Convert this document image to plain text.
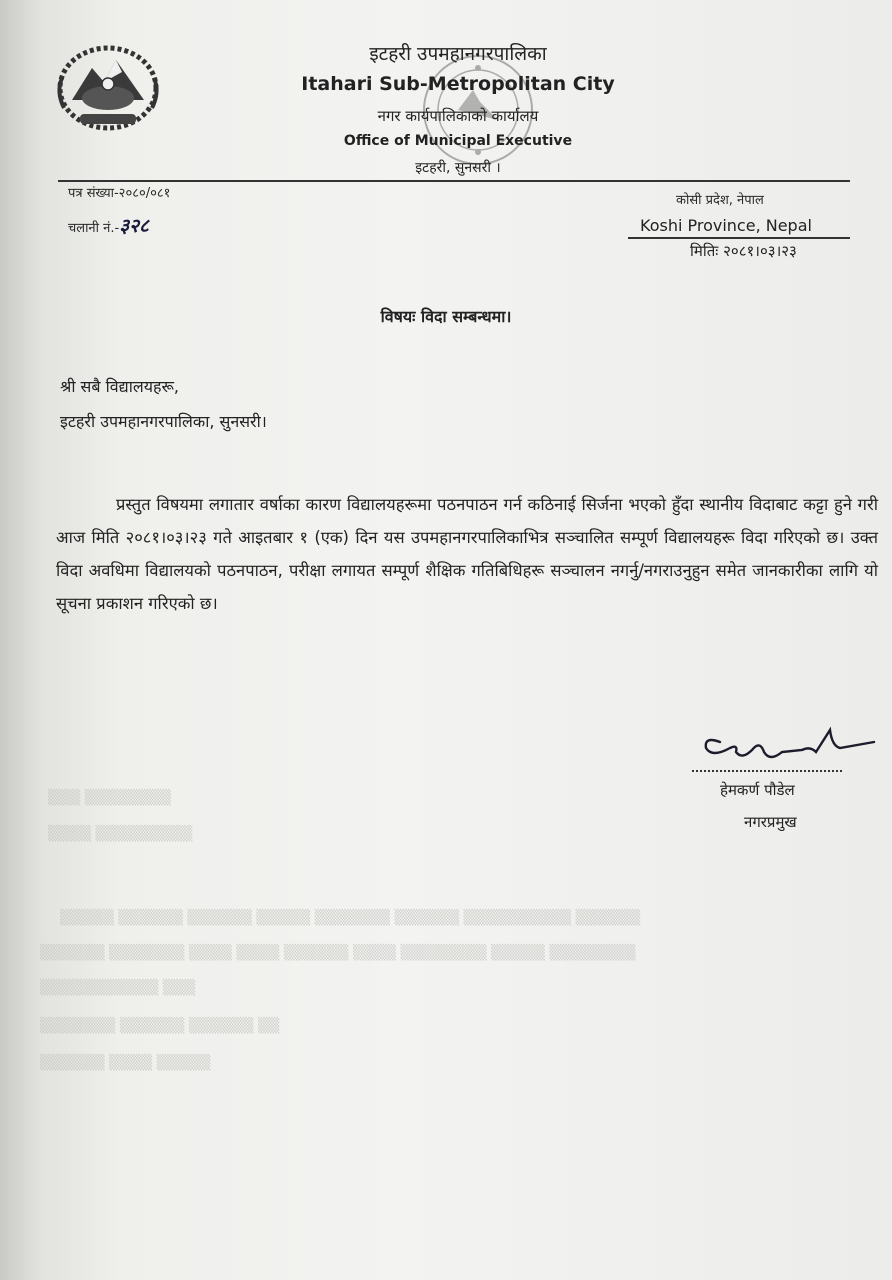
▒▒▒ ▒▒▒▒▒▒▒▒
▒▒▒▒ ▒▒▒▒▒▒▒▒▒
▒▒▒▒▒ ▒▒▒▒▒▒ ▒▒▒▒▒▒ ▒▒▒▒▒ ▒▒▒▒▒▒▒ ▒▒▒▒▒▒ ▒▒▒▒▒▒▒▒▒▒ ▒▒▒▒▒▒
▒▒▒▒▒▒ ▒▒▒▒▒▒▒ ▒▒▒▒ ▒▒▒▒ ▒▒▒▒▒▒ ▒▒▒▒ ▒▒▒▒▒▒▒▒ ▒▒▒▒▒ ▒▒▒▒▒▒▒▒
▒▒▒▒▒▒▒▒▒▒▒ ▒▒▒
▒▒▒▒▒▒▒ ▒▒▒▒▒▒ ▒▒▒▒▒▒ ▒▒
▒▒▒▒▒▒ ▒▒▒▒ ▒▒▒▒▒
इटहरी उपमहानगरपालिका
Itahari Sub-Metropolitan City
नगर कार्यपालिकाको कार्यालय
Office of Municipal Executive
इटहरी, सुनसरी ।
पत्र संख्या-२०८०/०८१	कोसी प्रदेश, नेपाल
चलानी नं.-३२८	Koshi Province, Nepal
मितिः २०८१।०३।२३
विषयः विदा सम्बन्धमा।
श्री सबै विद्यालयहरू,
इटहरी उपमहानगरपालिका, सुनसरी।
प्रस्तुत विषयमा लगातार वर्षाका कारण विद्यालयहरूमा पठनपाठन गर्न कठिनाई सिर्जना भएको हुँदा स्थानीय विदाबाट कट्टा हुने गरी आज मिति २०८१।०३।२३ गते आइतबार १ (एक) दिन यस उपमहानगरपालिकाभित्र सञ्चालित सम्पूर्ण विद्यालयहरू विदा गरिएको छ। उक्त विदा अवधिमा विद्यालयको पठनपाठन, परीक्षा लगायत सम्पूर्ण शैक्षिक गतिबिधिहरू सञ्चालन नगर्नु/नगराउनुहुन समेत जानकारीका लागि यो सूचना प्रकाशन गरिएको छ।
हेमकर्ण पौडेल
नगरप्रमुख
